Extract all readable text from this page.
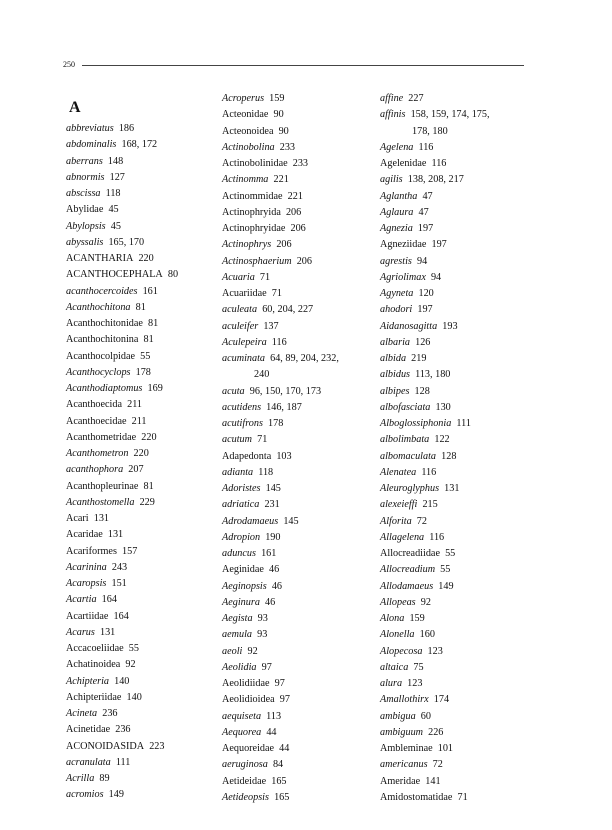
250
A
abbreviatus  186
abdominalis  168, 172
aberrans  148
abnormis  127
abscissa  118
Abylidae  45
Abylopsis  45
abyssalis  165, 170
ACANTHARIA  220
ACANTHOCEPHALA  80
acanthocercoides  161
Acanthochitona  81
Acanthochitonidae  81
Acanthochitonina  81
Acanthocolpidae  55
Acanthocyclops  178
Acanthodiaptomus  169
Acanthoecida  211
Acanthoecidae  211
Acanthometridae  220
Acanthometron  220
acanthophora  207
Acanthopleurinae  81
Acanthostomella  229
Acari  131
Acaridae  131
Acariformes  157
Acarinina  243
Acaropsis  151
Acartia  164
Acartiidae  164
Acarus  131
Accacoeliidae  55
Achatinoidea  92
Achipteria  140
Achipteriidae  140
Acineta  236
Acinetidae  236
ACONOIDASIDA  223
acranulata  111
Acrilla  89
acromios  149
Acroperus  159
Acteonidae  90
Acteonoidea  90
Actinobolina  233
Actinobolinidae  233
Actinomma  221
Actinommidae  221
Actinophryida  206
Actinophryidae  206
Actinophrys  206
Actinosphaerium  206
Acuaria  71
Acuariidae  71
aculeata  60, 204, 227
aculeifer  137
Aculepeira  116
acuminata  64, 89, 204, 232,
240
acuta  96, 150, 170, 173
acutidens  146, 187
acutifrons  178
acutum  71
Adapedonta  103
adianta  118
Adoristes  145
adriatica  231
Adrodamaeus  145
Adropion  190
aduncus  161
Aeginidae  46
Aeginopsis  46
Aeginura  46
Aegista  93
aemula  93
aeoli  92
Aeolidia  97
Aeolidiidae  97
Aeolidioidea  97
aequiseta  113
Aequorea  44
Aequoreidae  44
aeruginosa  84
Aetideidae  165
Aetideopsis  165
affine  227
affinis  158, 159, 174, 175,
178, 180
Agelena  116
Agelenidae  116
agilis  138, 208, 217
Aglantha  47
Aglaura  47
Agnezia  197
Agneziidae  197
agrestis  94
Agriolimax  94
Agyneta  120
ahodori  197
Aidanosagitta  193
albaria  126
albida  219
albidus  113, 180
albipes  128
albofasciata  130
Alboglossiphonia  111
albolimbata  122
albomaculata  128
Alenatea  116
Aleuroglyphus  131
alexeieffi  215
Alforita  72
Allagelena  116
Allocreadiidae  55
Allocreadium  55
Allodamaeus  149
Allopeas  92
Alona  159
Alonella  160
Alopecosa  123
altaica  75
alura  123
Amallothirx  174
ambigua  60
ambiguum  226
Ambleminae  101
americanus  72
Ameridae  141
Amidostomatidae  71
